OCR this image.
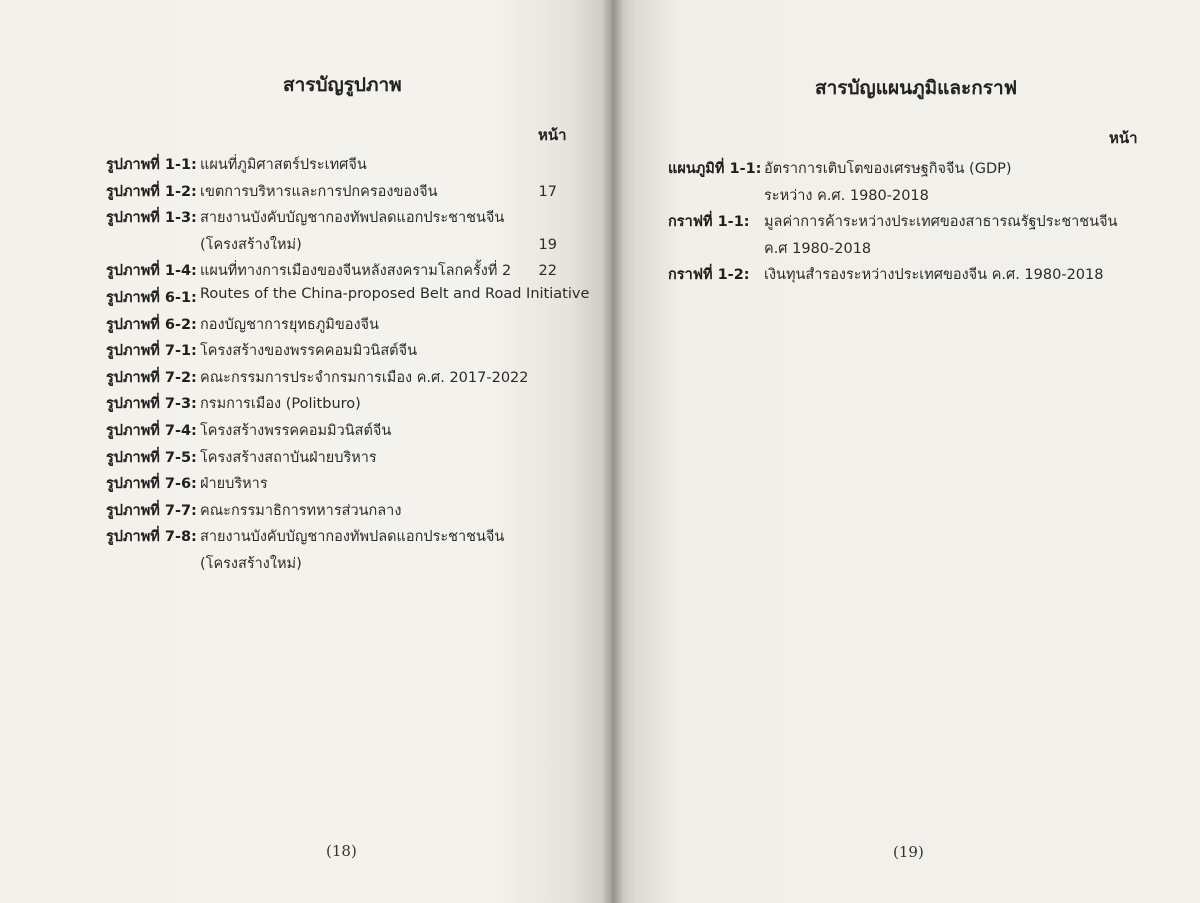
สารบัญรูปภาพ
หน้า
รูปภาพที่ 1-1: แผนที่ภูมิศาสตร์ประเทศจีน
รูปภาพที่ 1-2: เขตการบริหารและการปกครองของจีน
รูปภาพที่ 1-3: สายงานบังคับบัญชากองทัพปลดแอกประชาชนจีน
(โครงสร้างใหม่)
รูปภาพที่ 1-4: แผนที่ทางการเมืองของจีนหลังสงครามโลกครั้งที่ 2
รูปภาพที่ 6-1: Routes of the China-proposed Belt and Road Initiative
รูปภาพที่ 6-2: กองบัญชาการยุทธภูมิของจีน
รูปภาพที่ 7-1: โครงสร้างของพรรคคอมมิวนิสต์จีน
รูปภาพที่ 7-2: คณะกรรมการประจำกรมการเมือง ค.ศ. 2017-2022
รูปภาพที่ 7-3: กรมการเมือง (Politburo)
รูปภาพที่ 7-4: โครงสร้างพรรคคอมมิวนิสต์จีน
รูปภาพที่ 7-5: โครงสร้างสถาบันฝ่ายบริหาร
รูปภาพที่ 7-6: ฝ่ายบริหาร
รูปภาพที่ 7-7: คณะกรรมาธิการทหารส่วนกลาง
รูปภาพที่ 7-8: สายงานบังคับบัญชากองทัพปลดแอกประชาชนจีน
(โครงสร้างใหม่)
(18)
สารบัญแผนภูมิและกราฟ
หน้า
แผนภูมิที่ 1-1: อัตราการเติบโตของเศรษฐกิจจีน (GDP)
ระหว่าง ค.ศ. 1980-2018
17
กราฟที่ 1-1: มูลค่าการค้าระหว่างประเทศของสาธารณรัฐประชาชนจีน
ค.ศ 1980-2018
19
กราฟที่ 1-2: เงินทุนสำรองระหว่างประเทศของจีน ค.ศ. 1980-2018
22
(19)
